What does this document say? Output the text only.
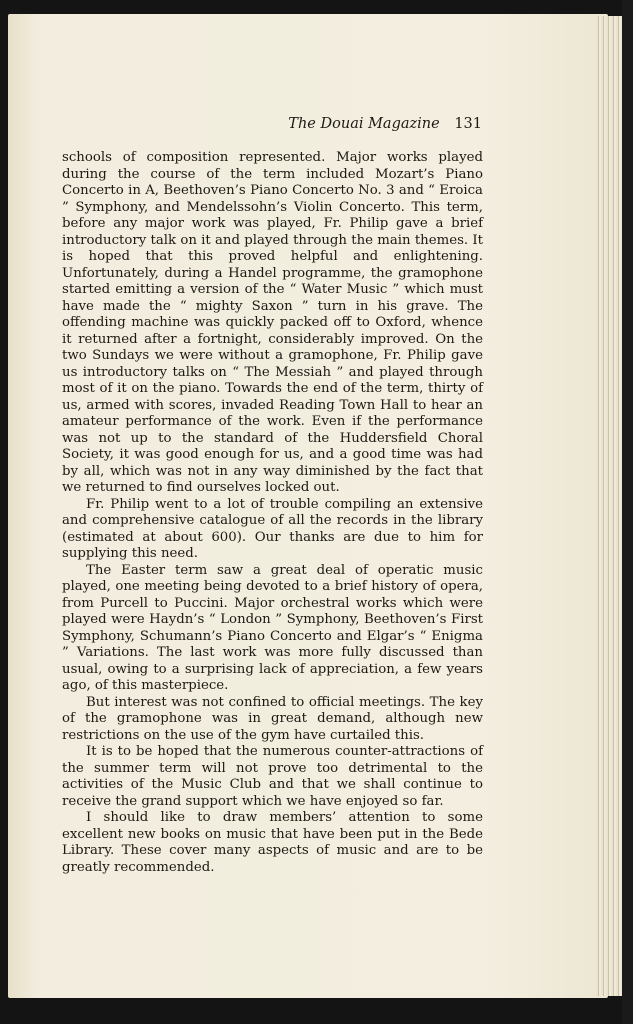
The Douai Magazine 131

schools of composition represented. Major works played during the course of the term included Mozart’s Piano Concerto in A, Beethoven’s Piano Concerto No. 3 and “ Eroica ” Symphony, and Mendelssohn’s Violin Concerto. This term, before any major work was played, Fr. Philip gave a brief introductory talk on it and played through the main themes. It is hoped that this proved helpful and enlightening. Unfortunately, during a Handel programme, the gramophone started emitting a version of the “ Water Music ” which must have made the “ mighty Saxon ” turn in his grave. The offending machine was quickly packed off to Oxford, whence it returned after a fortnight, considerably improved. On the two Sundays we were without a gramophone, Fr. Philip gave us introductory talks on “ The Messiah ” and played through most of it on the piano. Towards the end of the term, thirty of us, armed with scores, invaded Reading Town Hall to hear an amateur performance of the work. Even if the performance was not up to the standard of the Huddersfield Choral Society, it was good enough for us, and a good time was had by all, which was not in any way diminished by the fact that we returned to find ourselves locked out.

Fr. Philip went to a lot of trouble compiling an extensive and comprehensive catalogue of all the records in the library (estimated at about 600). Our thanks are due to him for supplying this need.

The Easter term saw a great deal of operatic music played, one meeting being devoted to a brief history of opera, from Purcell to Puccini. Major orchestral works which were played were Haydn’s “ London ” Symphony, Beethoven’s First Symphony, Schumann’s Piano Concerto and Elgar’s “ Enigma ” Variations. The last work was more fully discussed than usual, owing to a surprising lack of appreciation, a few years ago, of this masterpiece.

But interest was not confined to official meetings. The key of the gramophone was in great demand, although new restrictions on the use of the gym have curtailed this.

It is to be hoped that the numerous counter-attractions of the summer term will not prove too detrimental to the activities of the Music Club and that we shall continue to receive the grand support which we have enjoyed so far.

I should like to draw members’ attention to some excellent new books on music that have been put in the Bede Library. These cover many aspects of music and are to be greatly recommended.
